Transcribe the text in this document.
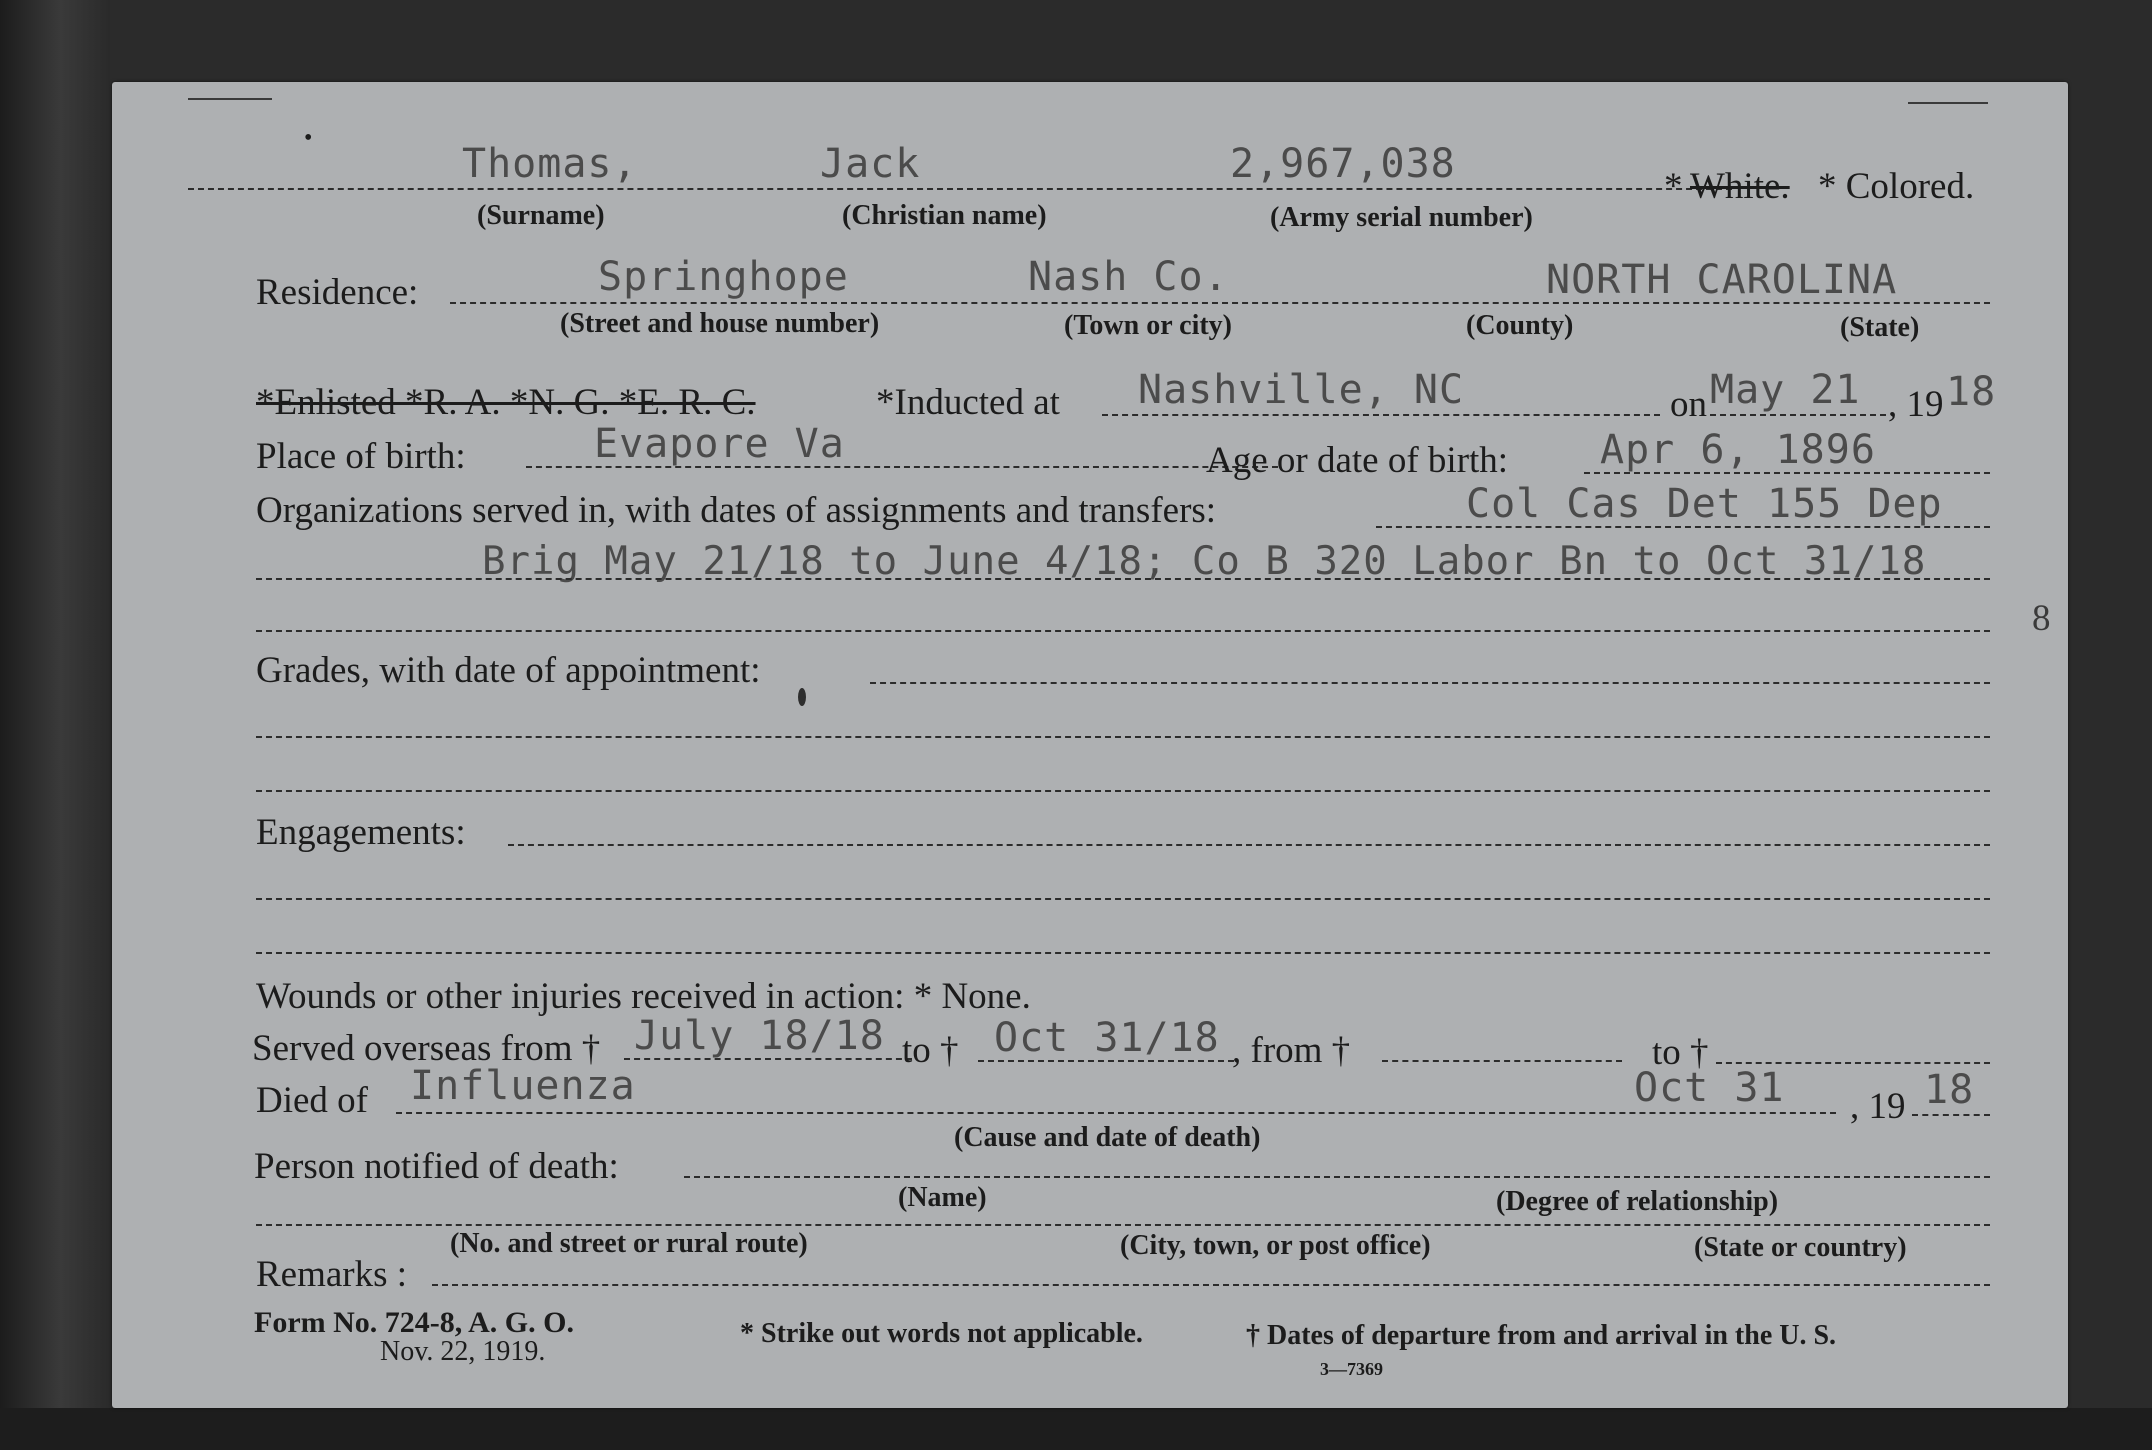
•
Thomas,	Jack	2,967,038	* White. * Colored.
(Surname)	(Christian name)	(Army serial number)
Residence:	Springhope	Nash Co.	NORTH CAROLINA
(Street and house number)	(Town or city)	(County)	(State)
*Enlisted *R. A. *N. G. *E. R. C.	*Inducted at Nashville, NC	on May 21 , 19 18
Place of birth:	Evapore Va	Age or date of birth: Apr 6, 1896
Organizations served in, with dates of assignments and transfers:	Col Cas Det 155 Dep
Brig May 21/18 to June 4/18; Co B 320 Labor Bn to Oct 31/18
8
Grades, with date of appointment:
Engagements:
Wounds or other injuries received in action: * None.
Served overseas from † July 18/18 to † Oct 31/18 , from †	to †
Died of Influenza	Oct 31 , 19 18
(Cause and date of death)
Person notified of death:
(Name)	(Degree of relationship)
(No. and street or rural route)	(City, town, or post office)	(State or country)
Remarks :
Form No. 724-8, A. G. O.
Nov. 22, 1919.
* Strike out words not applicable.	† Dates of departure from and arrival in the U. S.
3—7369
